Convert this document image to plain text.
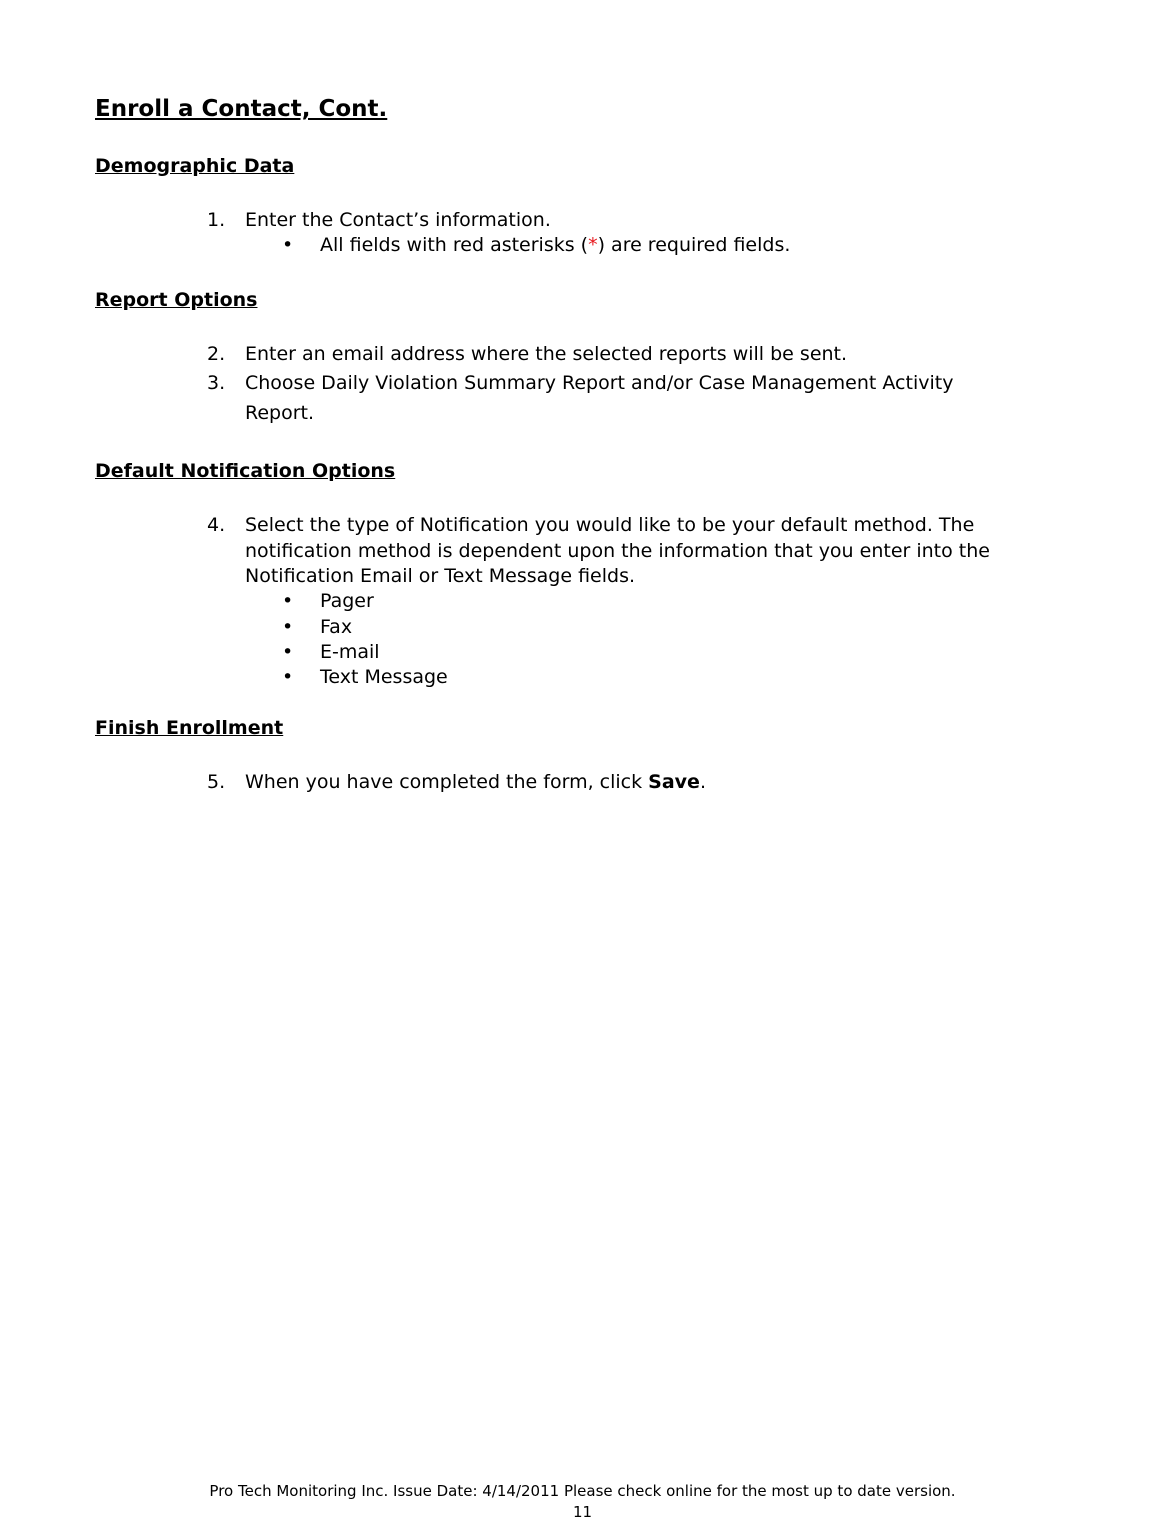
Enroll a Contact, Cont.
Demographic Data
1. Enter the Contact’s information.
• All fields with red asterisks (*) are required fields.
Report Options
2. Enter an email address where the selected reports will be sent.
3. Choose Daily Violation Summary Report and/or Case Management Activity
Report.
Default Notification Options
4. Select the type of Notification you would like to be your default method. The
notification method is dependent upon the information that you enter into the
Notification Email or Text Message fields.
• Pager
• Fax
• E-mail
• Text Message
Finish Enrollment
5. When you have completed the form, click Save.
Pro Tech Monitoring Inc. Issue Date: 4/14/2011 Please check online for the most up to date version.
11
